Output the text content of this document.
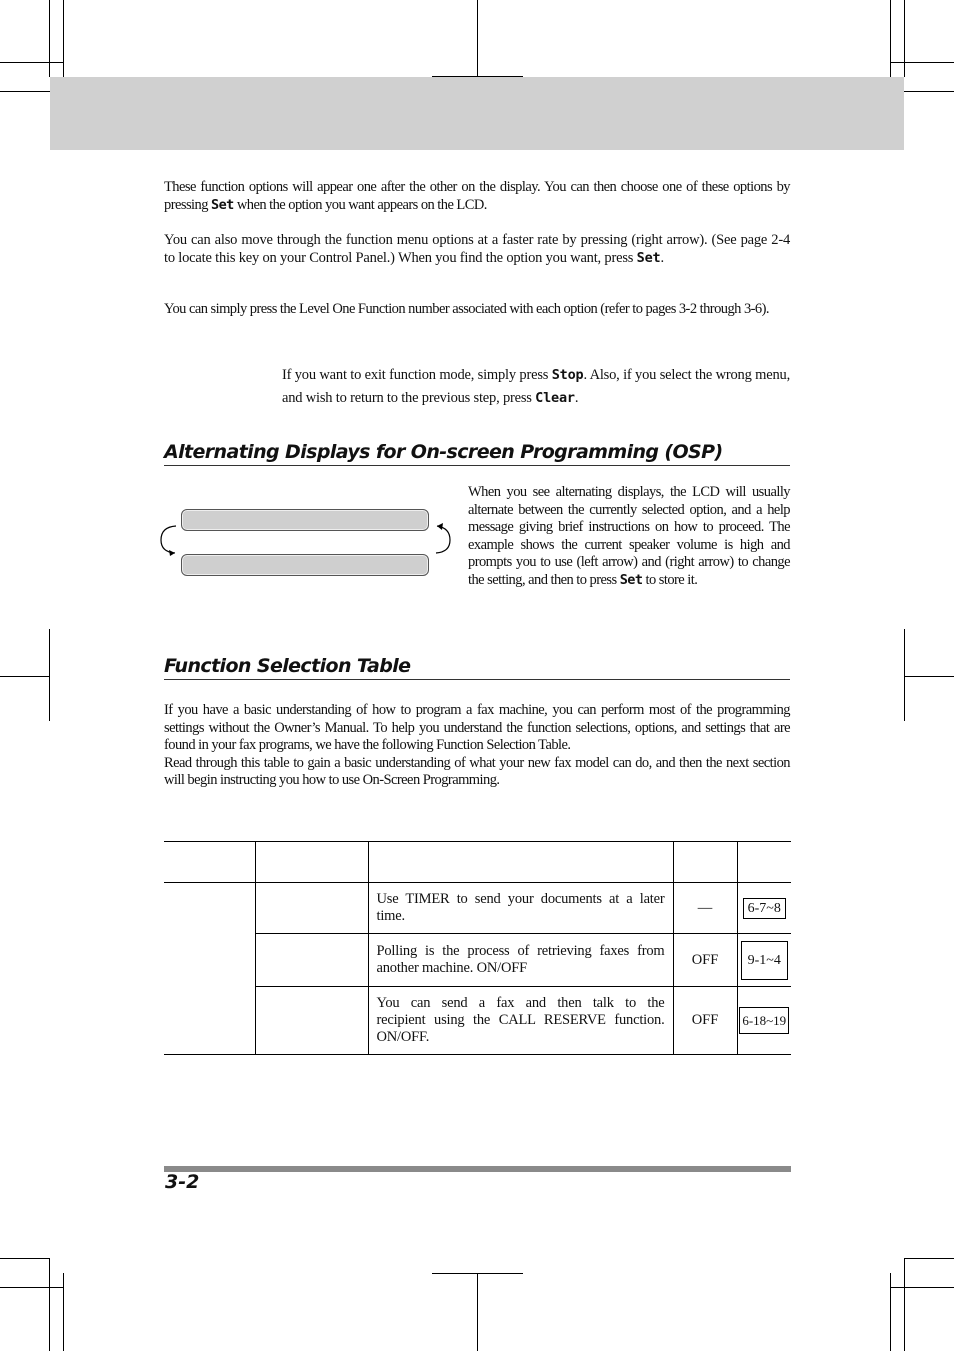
These function options will appear one after the other on the display. You can then choose one of these options by pressing Set when the option you want appears on the LCD.

You can also move through the function menu options at a faster rate by pressing (right arrow). (See page 2-4 to locate this key on your Control Panel.) When you find the option you want, press Set.

You can simply press the Level One Function number associated with each option (refer to pages 3-2 through 3-6).

If you want to exit function mode, simply press Stop. Also, if you select the wrong menu, and wish to return to the previous step, press Clear.

Alternating Displays for On-screen Programming (OSP)

When you see alternating displays, the LCD will usually alternate between the currently selected option, and a help message giving brief instructions on how to proceed. The example shows the current speaker volume is high and prompts you to use (left arrow) and (right arrow) to change the setting, and then to press Set to store it.

Function Selection Table

If you have a basic understanding of how to program a fax machine, you can perform most of the programming settings without the Owner’s Manual. To help you understand the function selections, options, and settings that are found in your fax programs, we have the following Function Selection Table.
Read through this table to gain a basic understanding of what your new fax model can do, and then the next section will begin instructing you how to use On-Screen Programming.

		Use TIMER to send your documents at a later time.	—	6-7~8
		Polling is the process of retrieving faxes from another machine. ON/OFF	OFF	9-1~4
		You can send a fax and then talk to the recipient using the CALL RESERVE function. ON/OFF.	OFF	6-18~19

3-2
